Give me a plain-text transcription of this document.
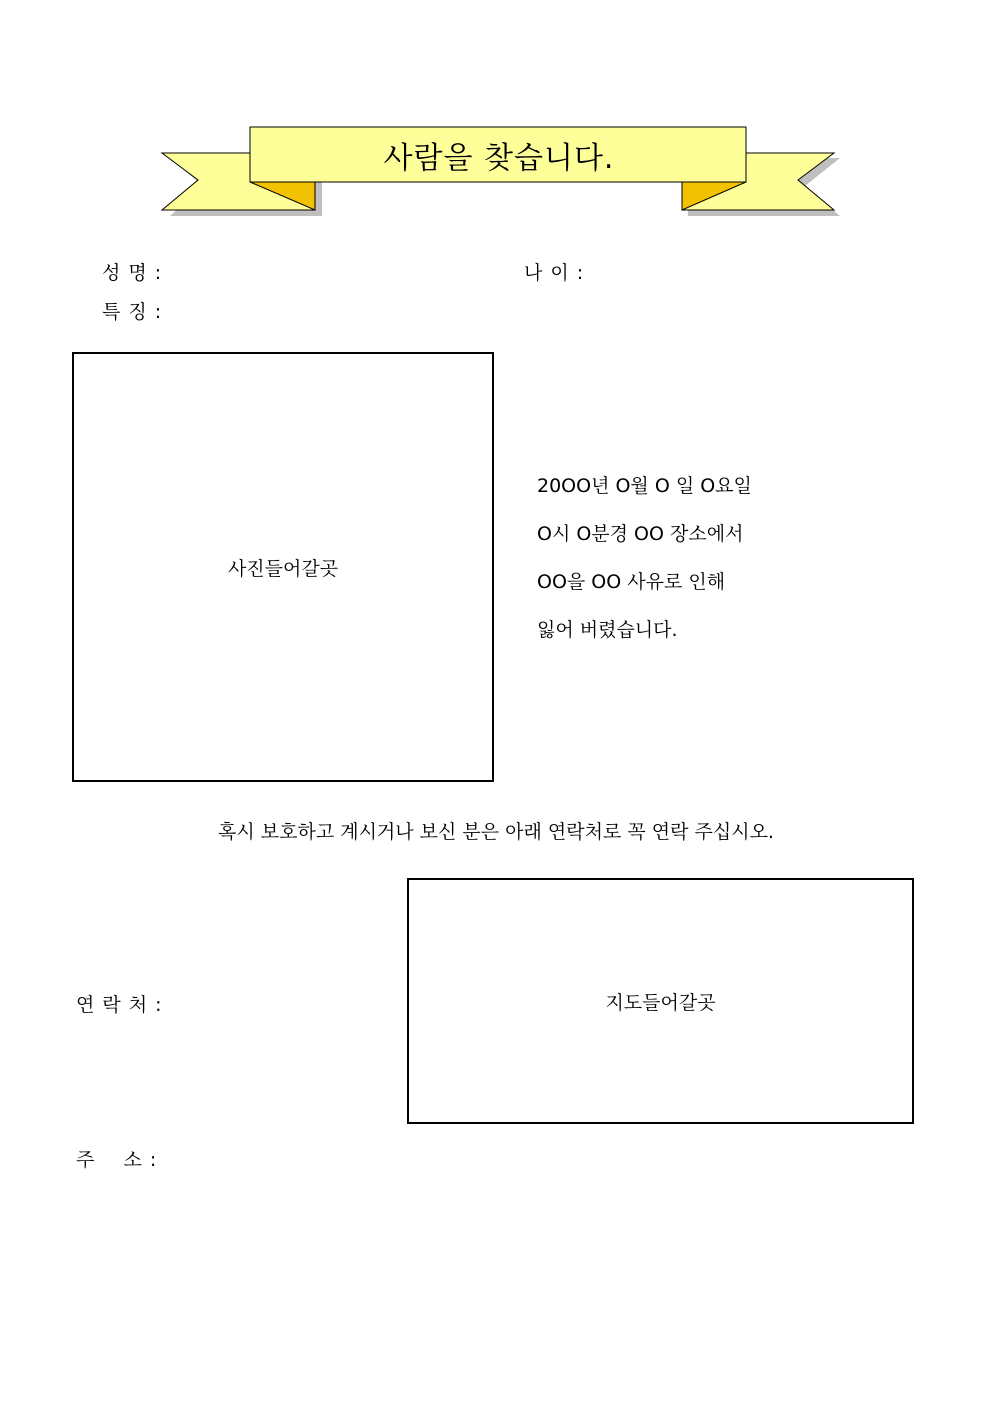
사람을 찾습니다.
성 명 :	나 이 :
특 징 :
사진들어갈곳
20OO년 O월 O 일 O요일
O시 O분경 OO 장소에서
OO을 OO 사유로 인해
잃어 버렸습니다.
혹시 보호하고 계시거나 보신 분은 아래 연락처로 꼭 연락 주십시오.
연 락 처 :	지도들어갈곳
주    소 :
